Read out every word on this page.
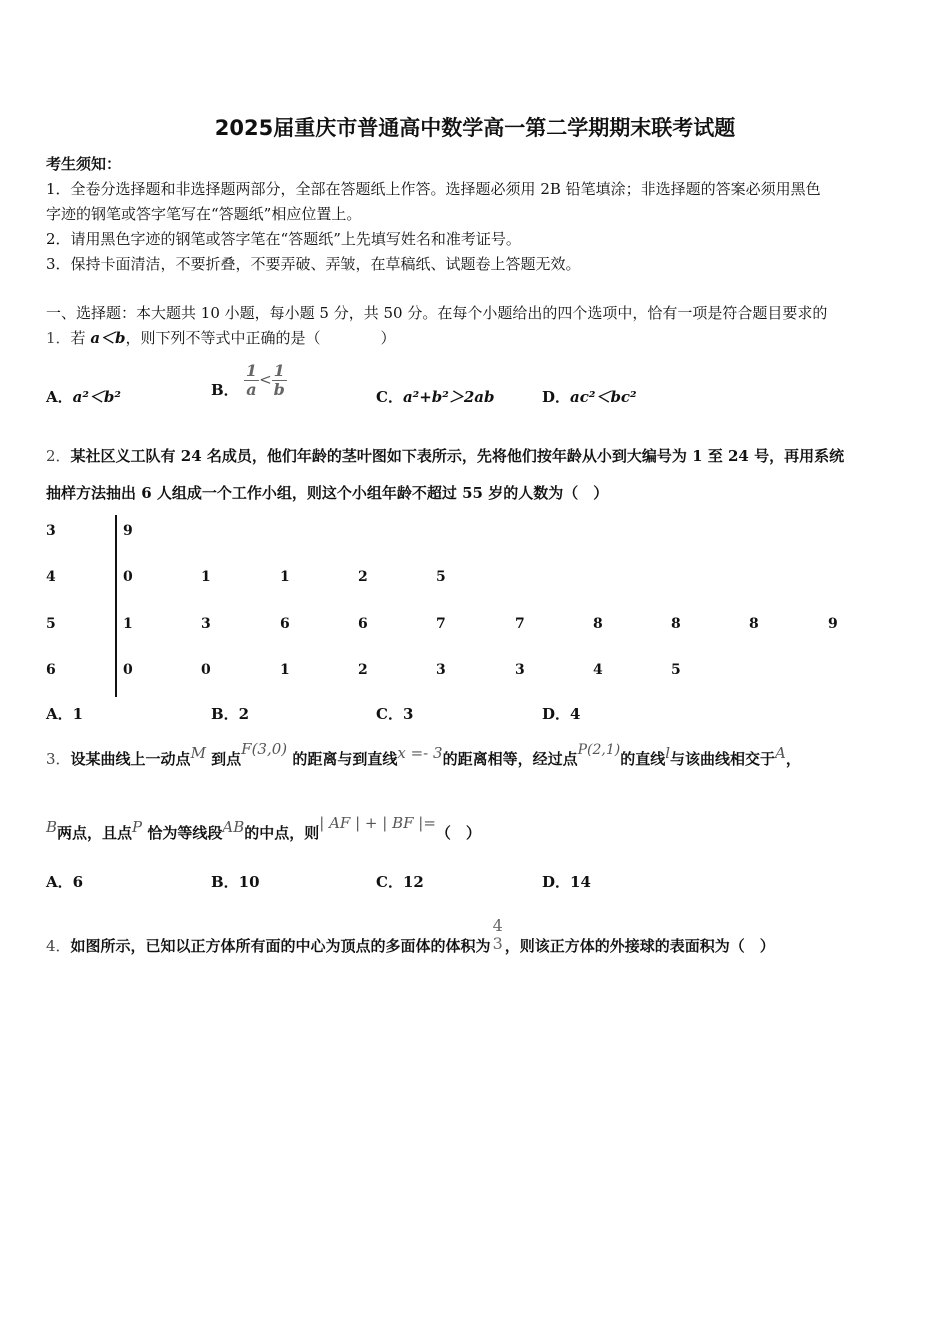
2025届重庆市普通高中数学高一第二学期期末联考试题
考生须知：
1．全卷分选择题和非选择题两部分，全部在答题纸上作答。选择题必须用 2B 铅笔填涂；非选择题的答案必须用黑色
字迹的钢笔或答字笔写在“答题纸”相应位置上。
2．请用黑色字迹的钢笔或答字笔在“答题纸”上先填写姓名和准考证号。
3．保持卡面清洁，不要折叠，不要弄破、弄皱，在草稿纸、试题卷上答题无效。
一、选择题：本大题共 10 小题，每小题 5 分，共 50 分。在每个小题给出的四个选项中，恰有一项是符合题目要求的
1．若 a＜b，则下列不等式中正确的是（　　　　）
A．a²＜b²	B． $\frac{1}{a} < \frac{1}{b}$	C．a²+b²＞2ab	D．ac²＜bc²
2．某社区义工队有 24 名成员，他们年龄的茎叶图如下表所示，先将他们按年龄从小到大编号为 1 至 24 号，再用系统
抽样方法抽出 6 人组成一个工作小组，则这个小组年龄不超过 55 岁的人数为（　）
3	9
4	0	1	1	2	5
5	1	3	6	6	7	7	8	8	8	9
6	0	0	1	2	3	3	4	5
A．1	B．2	C．3	D．4
3．设某曲线上一动点M 到点F(3,0) 的距离与到直线x =- 3的距离相等，经过点P(2,1)的直线l与该曲线相交于A，
B两点，且点P 恰为等线段AB的中点，则| AF | + | BF |=（　）
A．6	B．10	C．12	D．14
4．如图所示，已知以正方体所有面的中心为顶点的多面体的体积为
4
3 ，则该正方体的外接球的表面积为（　）
